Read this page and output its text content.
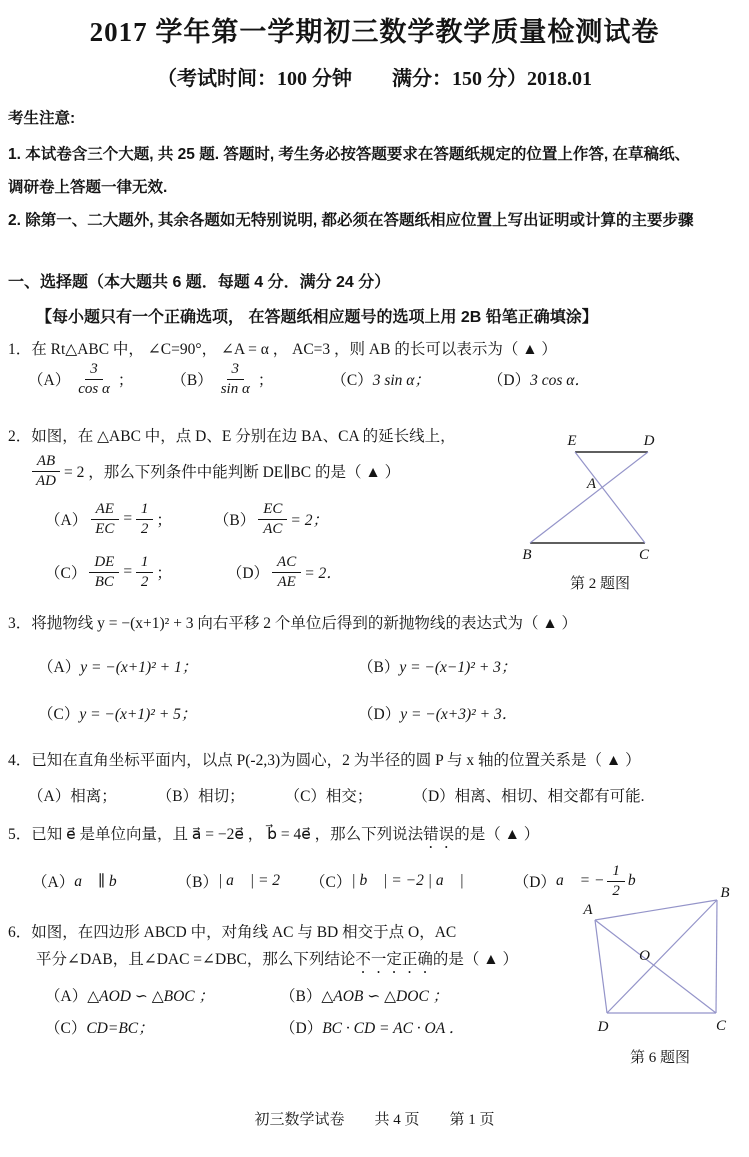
2017 学年第一学期初三数学教学质量检测试卷
（考试时间：100 分钟　　满分：150 分）2018.01
考生注意:
1. 本试卷含三个大题, 共 25 题. 答题时, 考生务必按答题要求在答题纸规定的位置上作答, 在草稿纸、
调研卷上答题一律无效.
2. 除第一、二大题外, 其余各题如无特别说明, 都必须在答题纸相应位置上写出证明或计算的主要步骤
一、选择题（本大题共 6 题．每题 4 分．满分 24 分）
【每小题只有一个正确选项， 在答题纸相应题号的选项上用 2B 铅笔正确填涂】
1．在 Rt△ABC 中， ∠C=90°， ∠A = α ， AC=3 ，则 AB 的长可以表示为（ ▲ ）
$(A) \frac{3}{\text{cos α}}$ ； $(B) \frac{3}{\text{sin α}}$ ；	（C） 3 sin α；	（D） 3 cos α．
2．如图，在 △ABC 中，点 D、E 分别在边 BA、CA 的延长线上，
$\frac{AB}{AD} = 2$ ，那么下列条件中能判断 DE∥BC 的是（ ▲ ）
$(A) \frac{AE}{EC} = \frac{1}{2}$ ；	$(B) \frac{EC}{AC} = 2$；
$(C) \frac{DE}{BC} = \frac{1}{2}$ ；	$(D) \frac{AC}{AE} = 2$．
E	D
A
B	C
第 2 题图
3．将抛物线 y = −(x+1)² + 3 向右平移 2 个单位后得到的新抛物线的表达式为（ ▲ ）
（A） y = −(x+1)² + 1；	（B） y = −(x−1)² + 3；
（C） y = −(x+1)² + 5；	（D） y = −(x+3)² + 3．
4．已知在直角坐标平面内，以点 P(-2,3)为圆心，2 为半径的圆 P 与 x 轴的位置关系是（ ▲ ）
（A） 相离；	（B） 相切；	（C） 相交；	（D） 相离、相切、相交都有可能.
5．已知 e⃗ 是单位向量，且 a⃗ = −2e⃗ ， b⃗ = 4e⃗ ，那么下列说法错误的是（ ▲ ）
（A） a⃗ ∥ b⃗ ； （B） | a⃗ | = 2 ； （C） | b⃗ | = −2 | a⃗ | ； （D） a⃗ = − $\frac{1}{2}$ b⃗ ．
6．如图，在四边形 ABCD 中，对角线 AC 与 BD 相交于点 O，AC
平分∠DAB，且∠DAC =∠DBC，那么下列结论不一定正确的是（ ▲ ）
（A） △AOD ∽ △BOC ；	（B） △AOB ∽ △DOC ；
（C） CD=BC；	（D） BC · CD = AC · OA ．
A
B
C
D
O
第 6 题图
初三数学试卷　　共 4 页　　第 1 页
